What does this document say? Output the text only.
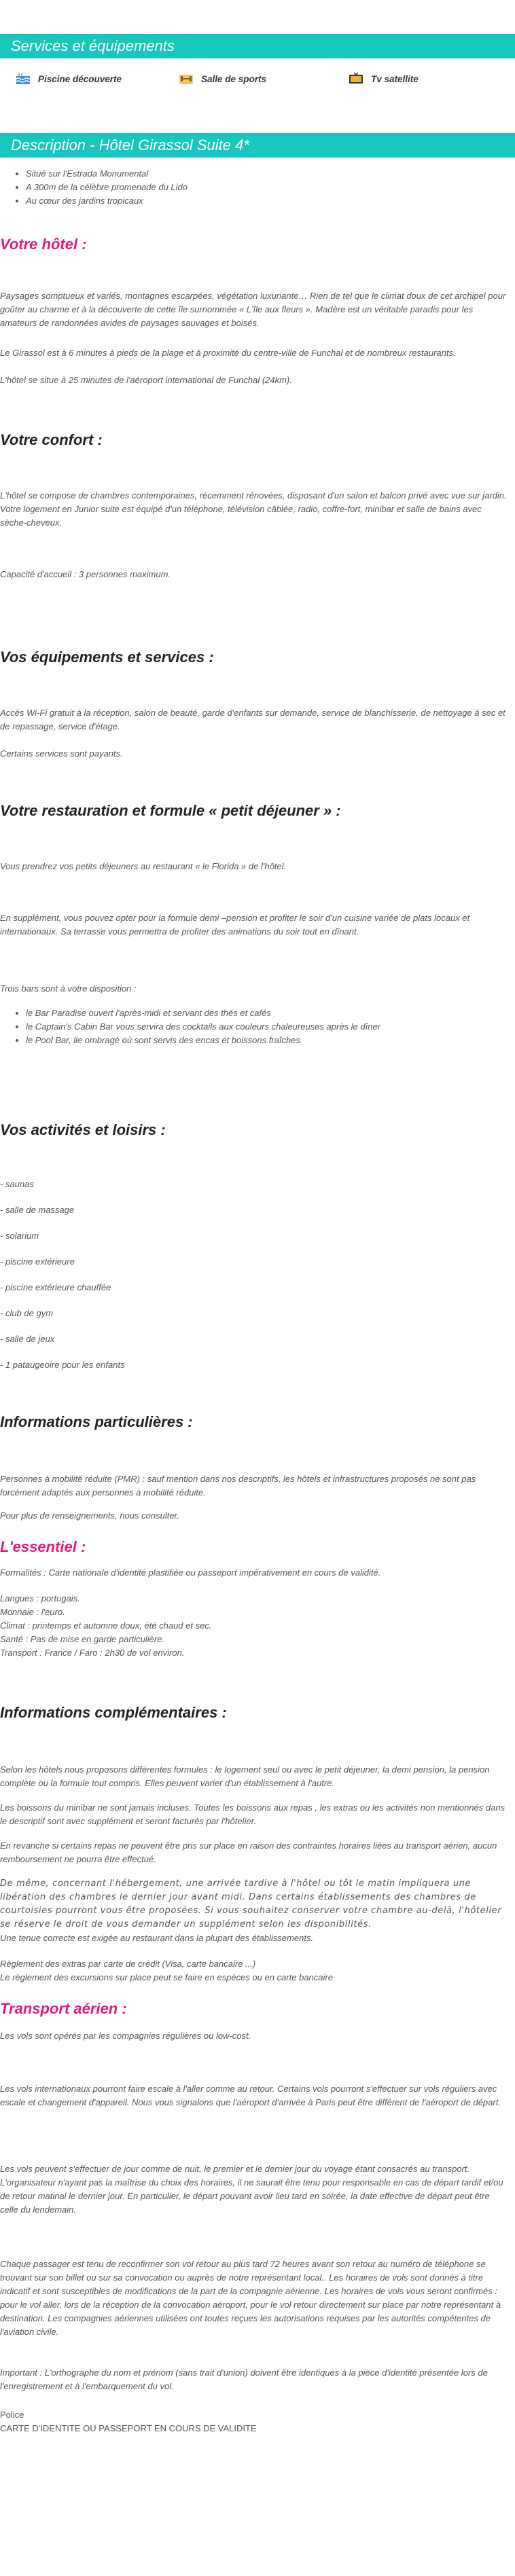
Services et équipements
Piscine découverte	Salle de sports	Tv satellite
Description - Hôtel Girassol Suite 4*
• Situé sur l'Estrada Monumental
• A 300m de la célèbre promenade du Lido
• Au cœur des jardins tropicaux
Votre hôtel :
Paysages somptueux et variés, montagnes escarpées, végétation luxuriante… Rien de tel que le climat doux de cet archipel pour goûter au charme et à la découverte de cette île surnommée « L'île aux fleurs ». Madère est un véritable paradis pour les amateurs de randonnées avides de paysages sauvages et boisés.
Le Girassol est à 6 minutes à pieds de la plage et à proximité du centre-ville de Funchal et de nombreux restaurants.
L'hôtel se situe à 25 minutes de l'aéroport international de Funchal (24km).
Votre confort :
L'hôtel se compose de chambres contemporaines, récemment rénovées, disposant d'un salon et balcon privé avec vue sur jardin. Votre logement en Junior suite est équipé d'un téléphone, télévision câblée, radio, coffre-fort, minibar et salle de bains avec sèche-cheveux.
Capacité d'accueil : 3 personnes maximum.
Vos équipements et services :
Accès Wi-Fi gratuit à la réception, salon de beauté, garde d'enfants sur demande, service de blanchisserie, de nettoyage à sec et de repassage, service d'étage.
Certains services sont payants.
Votre restauration et formule « petit déjeuner » :
Vous prendrez vos petits déjeuners au restaurant « le Florida » de l'hôtel.
En supplément, vous pouvez opter pour la formule demi –pension et profiter le soir d'un cuisine variée de plats locaux et internationaux. Sa terrasse vous permettra de profiter des animations du soir tout en dînant.
Trois bars sont à votre disposition :
• le Bar Paradise ouvert l'après-midi et servant des thés et cafés
• le Captain's Cabin Bar vous servira des cocktails aux couleurs chaleureuses après le dîner
• le Pool Bar, lie ombragé où sont servis des encas et boissons fraîches
Vos activités et loisirs :
- saunas
- salle de massage
- solarium
- piscine extérieure
- piscine extérieure chauffée
- club de gym
- salle de jeux
- 1 pataugeoire pour les enfants
Informations particulières :
Personnes à mobilité réduite (PMR) : sauf mention dans nos descriptifs, les hôtels et infrastructures proposés ne sont pas forcément adaptés aux personnes à mobilité réduite.
Pour plus de renseignements, nous consulter.
L'essentiel :
Formalités : Carte nationale d'identité plastifiée ou passeport impérativement en cours de validité.
Langues : portugais.
Monnaie : l'euro.
Climat : printemps et automne doux, été chaud et sec.
Santé : Pas de mise en garde particulière.
Transport : France / Faro : 2h30 de vol environ.
Informations complémentaires :
Selon les hôtels nous proposons différentes formules : le logement seul ou avec le petit déjeuner, la demi pension, la pension complète ou la formule tout compris. Elles peuvent varier d'un établissement à l'autre.
Les boissons du minibar ne sont jamais incluses. Toutes les boissons aux repas , les extras ou les activités non mentionnés dans le descriptif sont avec supplément et seront facturés par l'hôtelier.
En revanche si certains repas ne peuvent être pris sur place en raison des contraintes horaires liées au transport aérien, aucun remboursement ne pourra être effectué.
De même, concernant l'hébergement, une arrivée tardive à l'hôtel ou tôt le matin impliquera une libération des chambres le dernier jour avant midi. Dans certains établissements des chambres de courtoisies pourront vous être proposées. Si vous souhaitez conserver votre chambre au-delà, l'hôtelier se réserve le droit de vous demander un supplément selon les disponibilités.
Une tenue correcte est exigée au restaurant dans la plupart des établissements.
Règlement des extras par carte de crédit (Visa, carte bancaire ...)
Le règlement des excursions sur place peut se faire en espèces ou en carte bancaire
Transport aérien :
Les vols sont opérés par les compagnies régulières ou low-cost.
Les vols internationaux pourront faire escale à l'aller comme au retour. Certains vols pourront s'effectuer sur vols réguliers avec escale et changement d'appareil. Nous vous signalons que l'aéroport d'arrivée à Paris peut être différent de l'aéroport de départ.
Les vols peuvent s'effectuer de jour comme de nuit, le premier et le dernier jour du voyage étant consacrés au transport. L'organisateur n'ayant pas la maîtrise du choix des horaires, il ne saurait être tenu pour responsable en cas de départ tardif et/ou de retour matinal le dernier jour. En particulier, le départ pouvant avoir lieu tard en soirée, la date effective de départ peut être celle du lendemain.
Chaque passager est tenu de reconfirmer son vol retour au plus tard 72 heures avant son retour au numéro de téléphone se trouvant sur son billet ou sur sa convocation ou auprès de notre représentant local.. Les horaires de vols sont donnés à titre indicatif et sont susceptibles de modifications de la part de la compagnie aérienne. Les horaires de vols vous seront confirmés : pour le vol aller, lors de la réception de la convocation aéroport, pour le vol retour directement sur place par notre représentant à destination. Les compagnies aériennes utilisées ont toutes reçues les autorisations requises par les autorités compétentes de l'aviation civile.
Important : L'orthographe du nom et prénom (sans trait d'union) doivent être identiques à la pièce d'identité présentée lors de l'enregistrement et à l'embarquement du vol.
Police
CARTE D'IDENTITE OU PASSEPORT EN COURS DE VALIDITE
